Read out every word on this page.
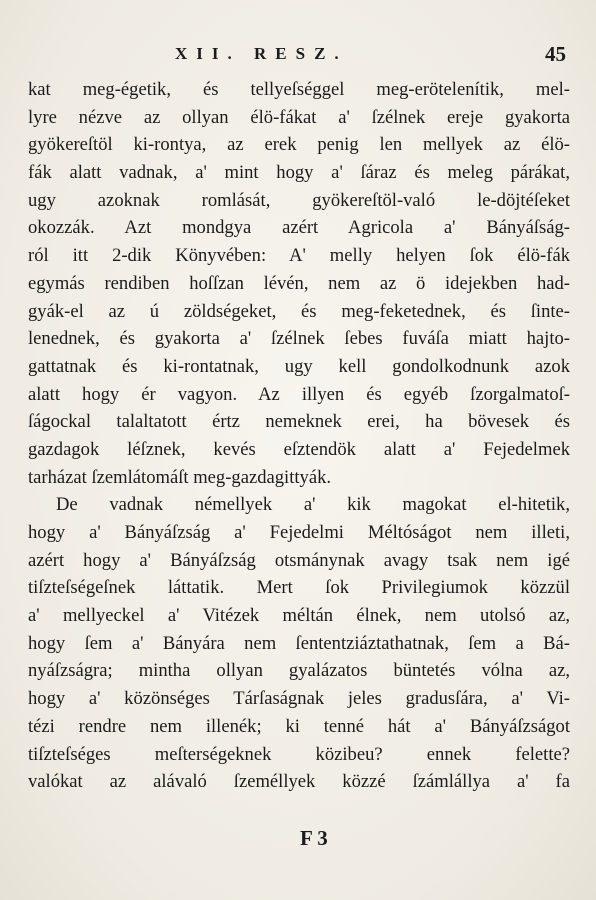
XII. RESZ.	45
kat meg-égetik, és tellyeſséggel meg-erötelenítik, mel-
lyre nézve az ollyan élö-fákat a' ſzélnek ereje gyakorta
gyökereſtöl ki-rontya, az erek penig len mellyek az élö-
fák alatt vadnak, a' mint hogy a' ſáraz és meleg párákat,
ugy azoknak romlását, gyökereſtöl-való le-döjtéſeket
okozzák. Azt mondgya azért Agricola a' Bányáſság-
ról itt 2-dik Könyvében: A' melly helyen ſok élö-fák
egymás rendiben hoſſzan lévén, nem az ö idejekben had-
gyák-el az ú zöldségeket, és meg-feketednek, és ſinte-
lenednek, és gyakorta a' ſzélnek ſebes fuváſa miatt hajto-
gattatnak és ki-rontatnak, ugy kell gondolkodnunk azok
alatt hogy ér vagyon. Az illyen és egyéb ſzorgalmatoſ-
ſágockal talaltatott értz nemeknek erei, ha bövesek és
gazdagok léſznek, kevés eſztendök alatt a' Fejedelmek
tarházat ſzemlátomáſt meg-gazdagittyák.
De vadnak némellyek a' kik magokat el-hitetik,
hogy a' Bányáſzság a' Fejedelmi Méltóságot nem illeti,
azért hogy a' Bányáſzság otsmánynak avagy tsak nem igé
tiſzteſségeſnek láttatik. Mert ſok Privilegiumok közzül
a' mellyeckel a' Vitézek méltán élnek, nem utolsó az,
hogy ſem a' Bányára nem ſententziáztathatnak, ſem a Bá-
nyáſzságra; mintha ollyan gyalázatos büntetés vólna az,
hogy a' közönséges Tárſaságnak jeles gradusſára, a' Vi-
tézi rendre nem illenék; ki tenné hát a' Bányáſzságot
tiſzteſséges meſterségeknek közibeu? ennek felette?
valókat az alávaló ſzeméllyek közzé ſzámlállya a' fa
F 3
